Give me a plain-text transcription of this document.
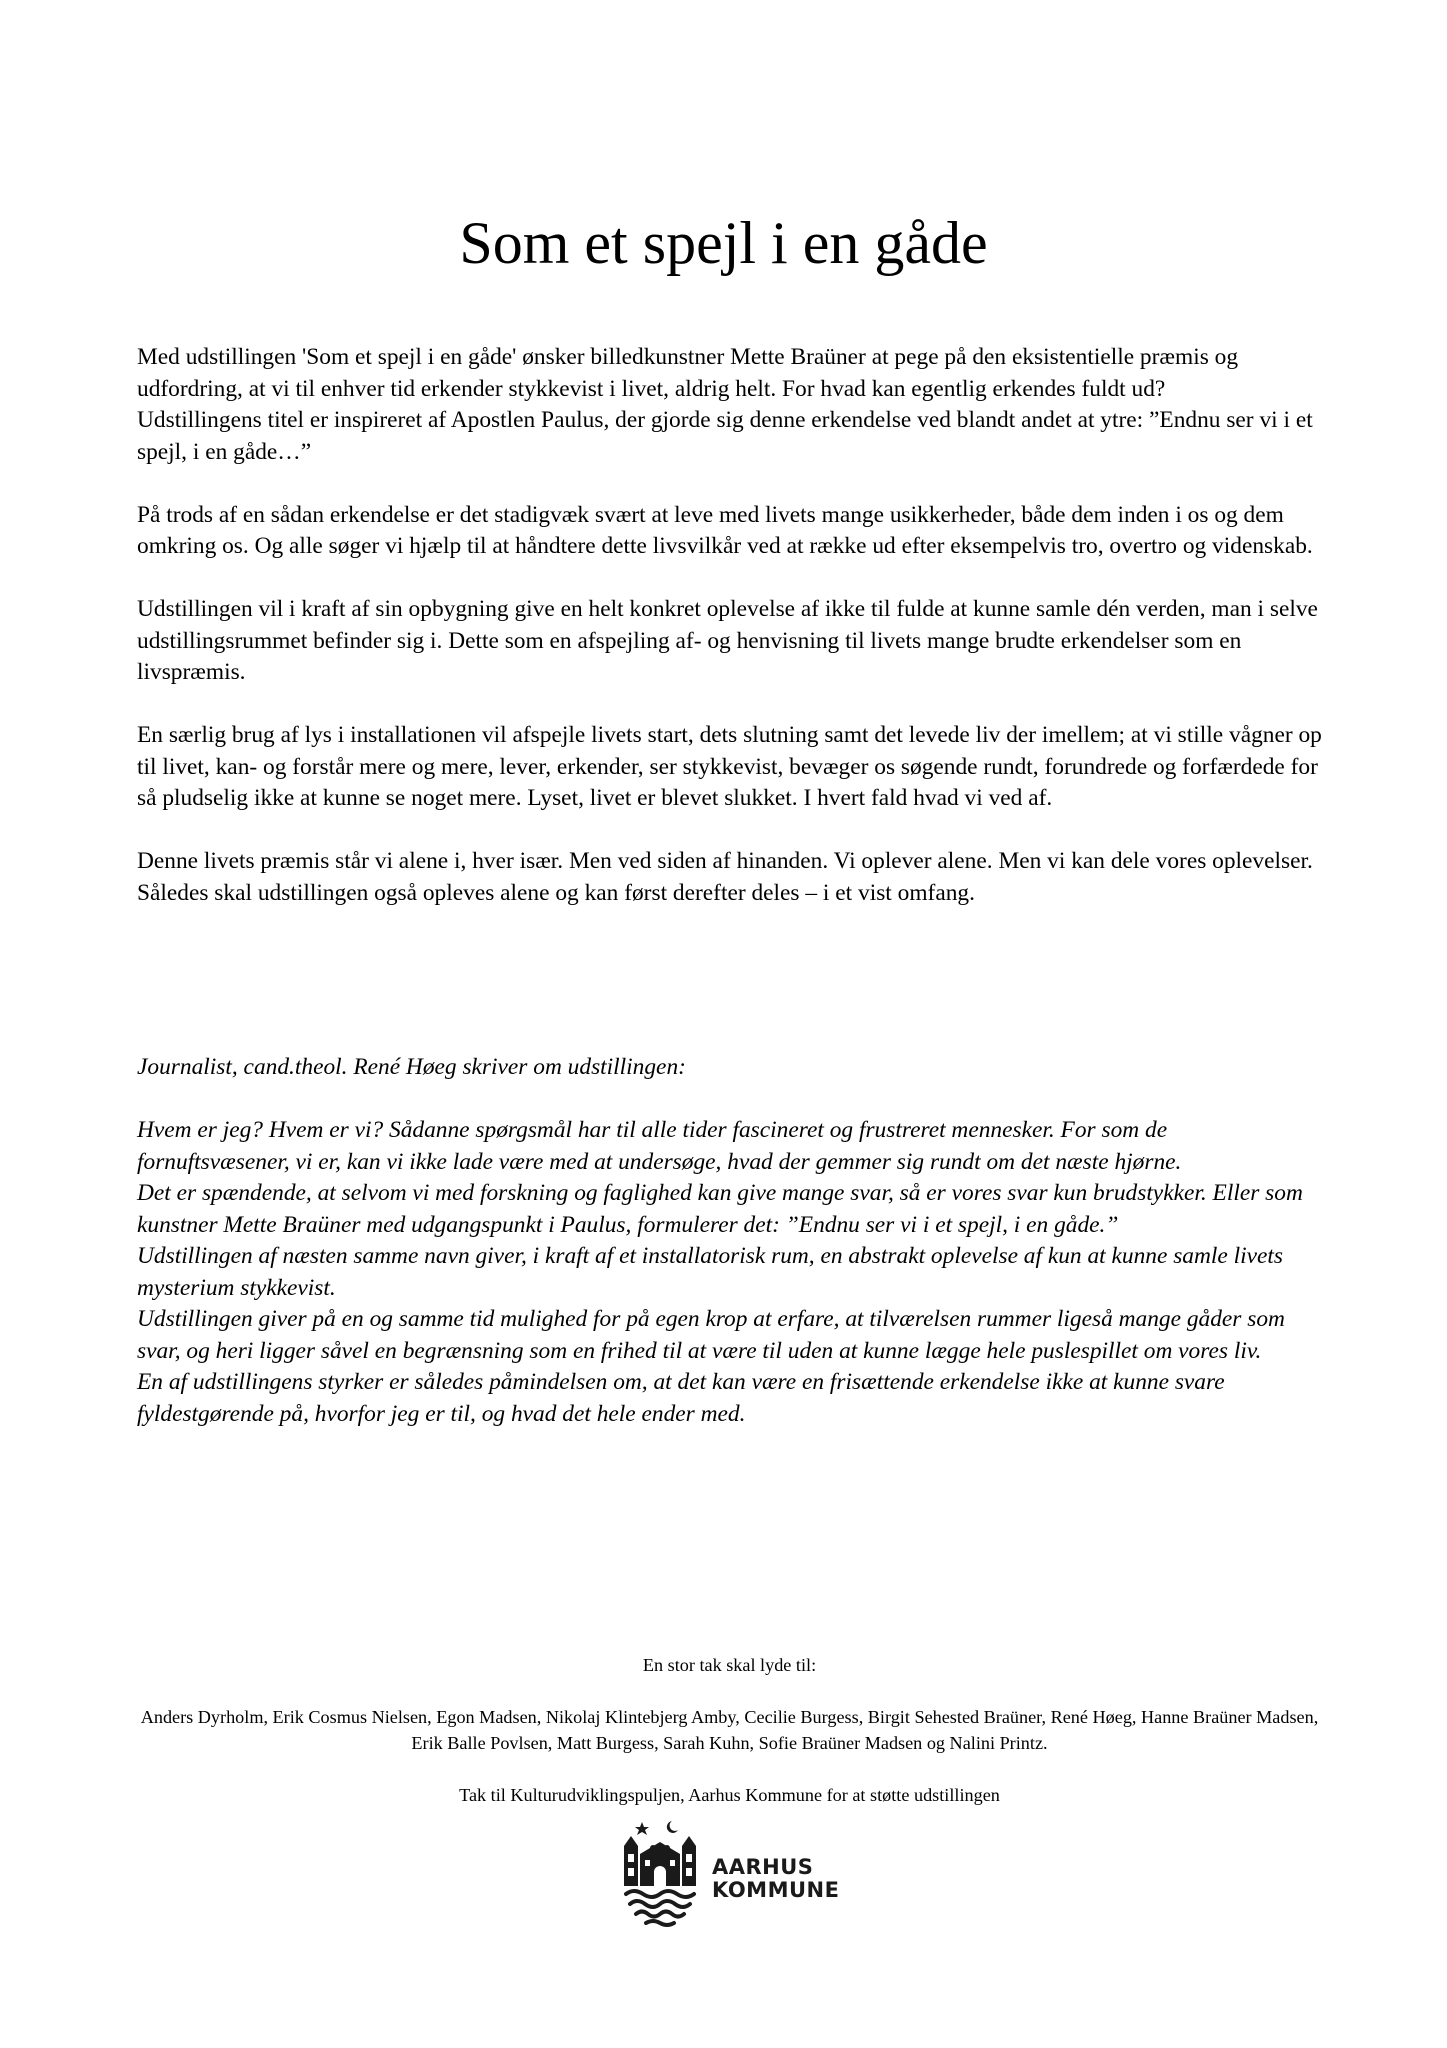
Som et spejl i en gåde

Med udstillingen 'Som et spejl i en gåde' ønsker billedkunstner Mette Braüner at pege på den eksistentielle præmis og udfordring, at vi til enhver tid erkender stykkevist i livet, aldrig helt. For hvad kan egentlig erkendes fuldt ud?

Udstillingens titel er inspireret af Apostlen Paulus, der gjorde sig denne erkendelse ved blandt andet at ytre: ”Endnu ser vi i et spejl, i en gåde…”

På trods af en sådan erkendelse er det stadigvæk svært at leve med livets mange usikkerheder, både dem inden i os og dem omkring os. Og alle søger vi hjælp til at håndtere dette livsvilkår ved at række ud efter eksempelvis tro, overtro og videnskab.

Udstillingen vil i kraft af sin opbygning give en helt konkret oplevelse af ikke til fulde at kunne samle dén verden, man i selve udstillingsrummet befinder sig i. Dette som en afspejling af- og henvisning til livets mange brudte erkendelser som en livspræmis.

En særlig brug af lys i installationen vil afspejle livets start, dets slutning samt det levede liv der imellem; at vi stille vågner op til livet, kan- og forstår mere og mere, lever, erkender, ser stykkevist, bevæger os søgende rundt, forundrede og forfærdede for så pludselig ikke at kunne se noget mere. Lyset, livet er blevet slukket. I hvert fald hvad vi ved af.

Denne livets præmis står vi alene i, hver især. Men ved siden af hinanden. Vi oplever alene. Men vi kan dele vores oplevelser. Således skal udstillingen også opleves alene og kan først derefter deles – i et vist omfang.

Journalist, cand.theol. René Høeg skriver om udstillingen:

Hvem er jeg? Hvem er vi? Sådanne spørgsmål har til alle tider fascineret og frustreret mennesker. For som de fornuftsvæsener, vi er, kan vi ikke lade være med at undersøge, hvad der gemmer sig rundt om det næste hjørne.

Det er spændende, at selvom vi med forskning og faglighed kan give mange svar, så er vores svar kun brudstykker. Eller som kunstner Mette Braüner med udgangspunkt i Paulus, formulerer det: ”Endnu ser vi i et spejl, i en gåde.”

Udstillingen af næsten samme navn giver, i kraft af et installatorisk rum, en abstrakt oplevelse af kun at kunne samle livets mysterium stykkevist.

Udstillingen giver på en og samme tid mulighed for på egen krop at erfare, at tilværelsen rummer ligeså mange gåder som svar, og heri ligger såvel en begrænsning som en frihed til at være til uden at kunne lægge hele puslespillet om vores liv.

En af udstillingens styrker er således påmindelsen om, at det kan være en frisættende erkendelse ikke at kunne svare fyldestgørende på, hvorfor jeg er til, og hvad det hele ender med.

En stor tak skal lyde til:

Anders Dyrholm, Erik Cosmus Nielsen, Egon Madsen, Nikolaj Klintebjerg Amby, Cecilie Burgess, Birgit Sehested Braüner, René Høeg, Hanne Braüner Madsen, Erik Balle Povlsen, Matt Burgess, Sarah Kuhn, Sofie Braüner Madsen og Nalini Printz.

Tak til Kulturudviklingspuljen, Aarhus Kommune for at støtte udstillingen

AARHUS
KOMMUNE
